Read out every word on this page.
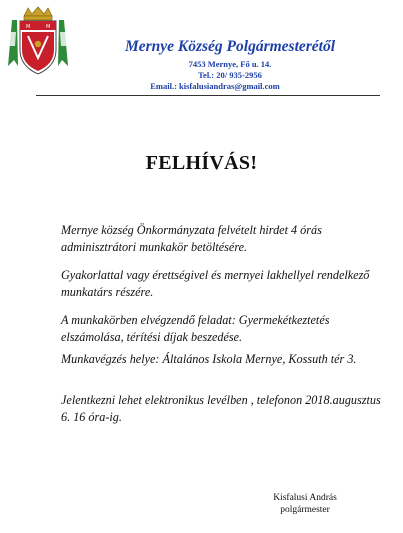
M	M
Mernye Község Polgármesterétől
7453 Mernye, Fő u. 14.
Tel.: 20/ 935-2956
Email.: kisfalusiandras@gmail.com
FELHÍVÁS!
Mernye község Önkormányzata felvételt hirdet 4 órás adminisztrátori munkakör betöltésére.
Gyakorlattal vagy érettségivel és mernyei lakhellyel rendelkező munkatárs részére.
A munkakörben elvégzendő feladat: Gyermekétkeztetés elszámolása, térítési díjak beszedése.
Munkavégzés helye: Általános Iskola Mernye, Kossuth tér 3.
Jelentkezni lehet elektronikus levélben , telefonon 2018.augusztus 6. 16 óra-ig.
Kisfalusi András
polgármester
